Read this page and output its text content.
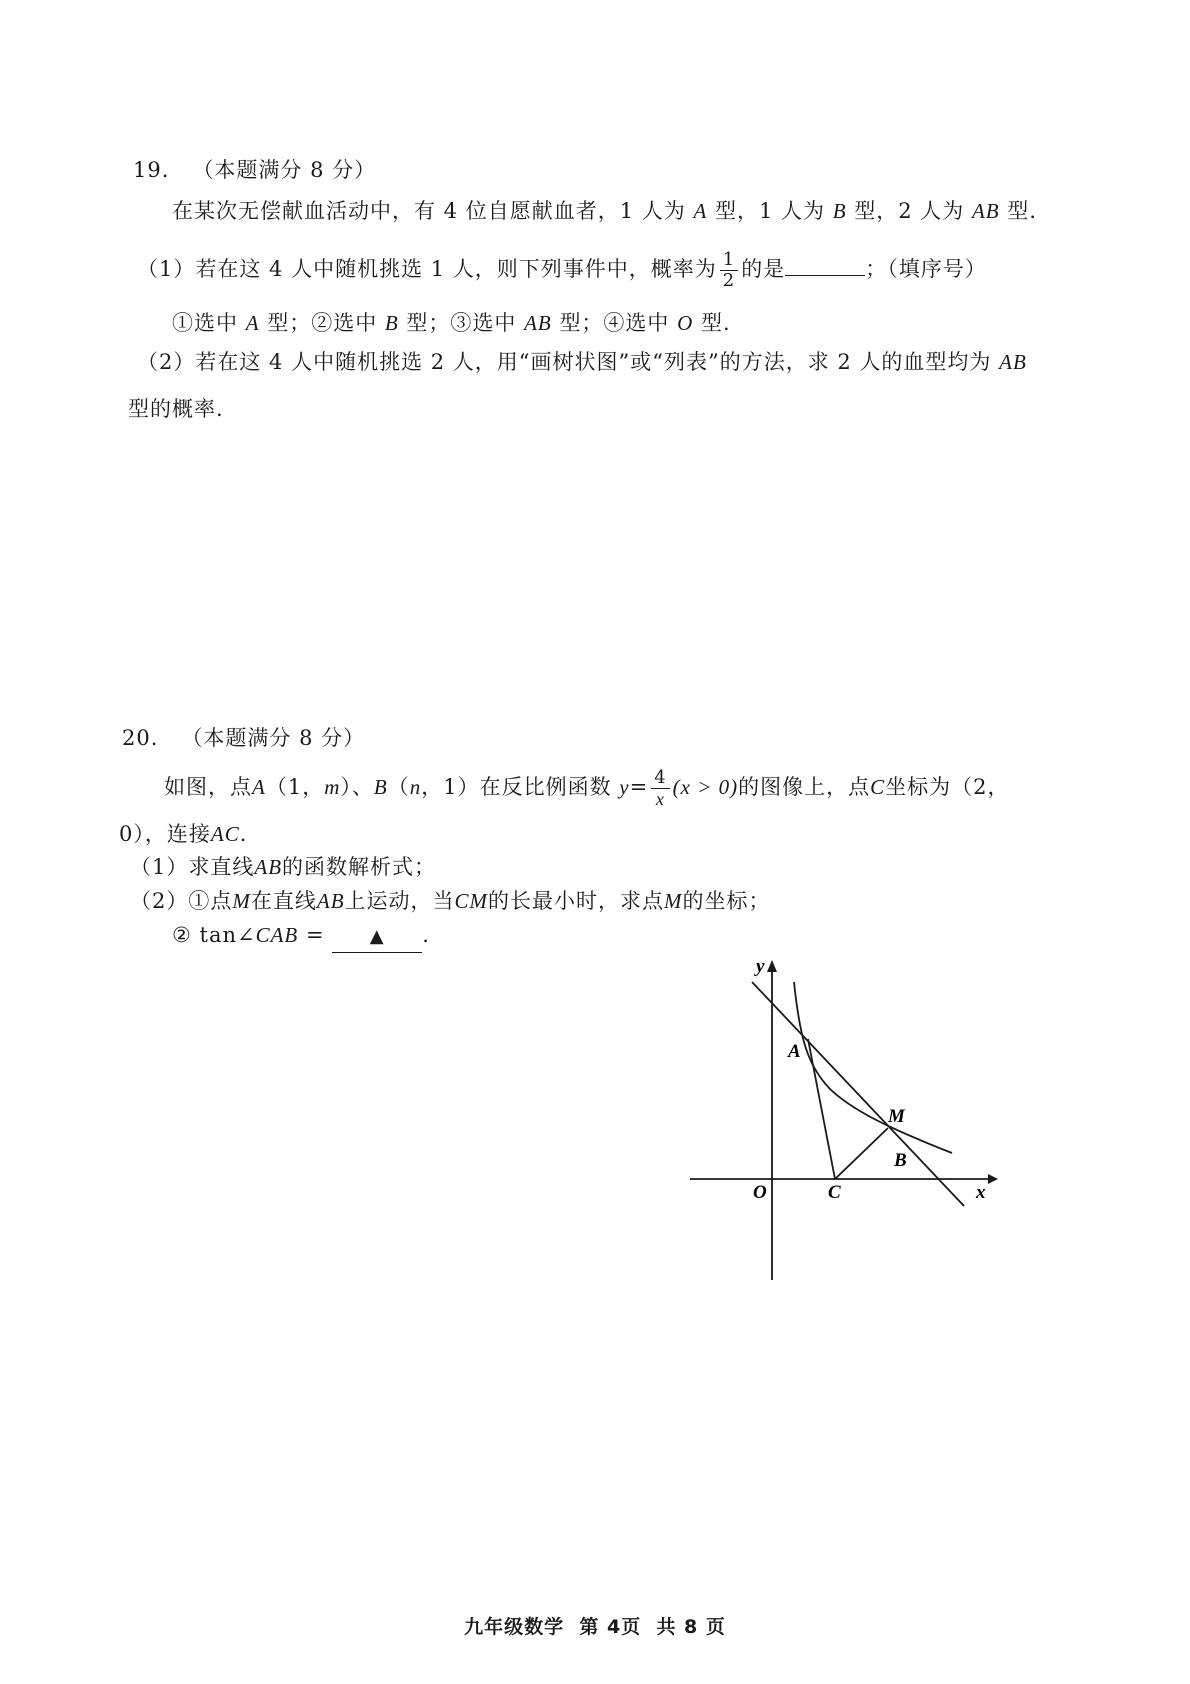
19. （本题满分 8 分）
在某次无偿献血活动中，有 4 位自愿献血者，1 人为 A 型，1 人为 B 型，2 人为 AB 型.
（1）若在这 4 人中随机挑选 1 人，则下列事件中，概率为 $\frac{1}{2}$ 的是	；（填序号）
①选中 A 型；②选中 B 型；③选中 AB 型；④选中 O 型.
（2）若在这 4 人中随机挑选 2 人，用“画树状图”或“列表”的方法，求 2 人的血型均为 AB
型的概率.
20. （本题满分 8 分）
如图，点A（1，m）、B（n，1）在反比例函数 $y= \frac{4}{x} (x > 0)$的图像上，点C坐标为（2，
0），连接AC.
（1）求直线AB的函数解析式；
（2）①点M在直线AB上运动，当CM的长最小时，求点M的坐标；
② tan∠CAB = ▲ .
y
x
O
A
B
C
M
九年级数学 第 4页 共 8 页
